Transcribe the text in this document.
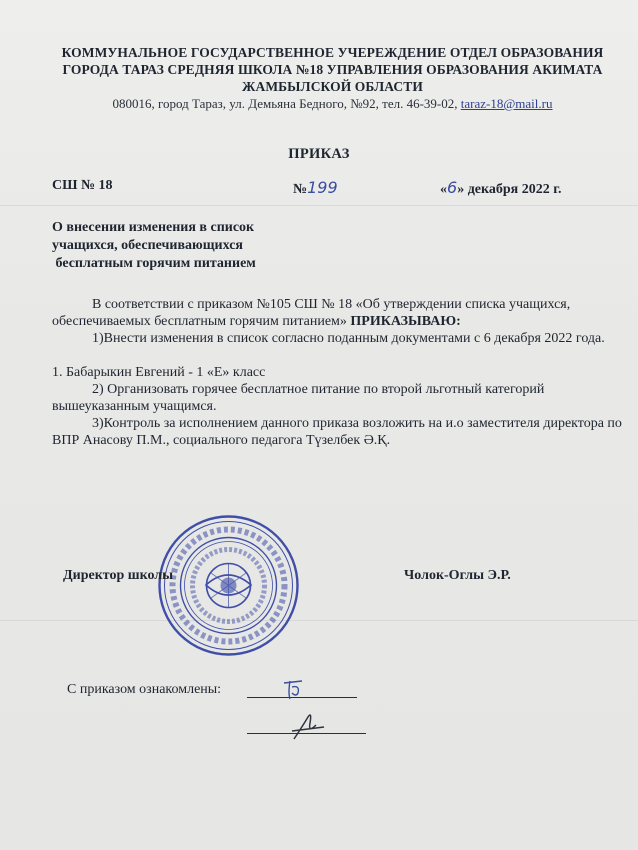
КОММУНАЛЬНОЕ ГОСУДАРСТВЕННОЕ УЧЕРЕЖДЕНИЕ ОТДЕЛ ОБРАЗОВАНИЯ
ГОРОДА ТАРАЗ СРЕДНЯЯ ШКОЛА №18 УПРАВЛЕНИЯ ОБРАЗОВАНИЯ АКИМАТА
ЖАМБЫЛСКОЙ ОБЛАСТИ
080016, город Тараз, ул. Демьяна Бедного, №92, тел. 46-39-02, taraz-18@mail.ru
ПРИКАЗ
СШ № 18	№199	«6» декабря 2022 г.
О внесении изменения в список
учащихся, обеспечивающихся
бесплатным горячим питанием

В соответствии с приказом №105 СШ № 18 «Об утверждении списка учащихся, обеспечиваемых бесплатным горячим питанием» ПРИКАЗЫВАЮ:

1)Внести изменения в список согласно поданным документами с 6 декабря 2022 года.

1. Бабарыкин Евгений - 1 «Е» класс

2) Организовать горячее бесплатное питание по второй льготный категорий вышеуказанным учащимся.

3)Контроль за исполнением данного приказа возложить на и.о заместителя директора по ВПР Анасову П.М., социального педагога Түзелбек Ә.Қ.

Директор школы	Чолок-Оглы Э.Р.
С приказом ознакомлены:
